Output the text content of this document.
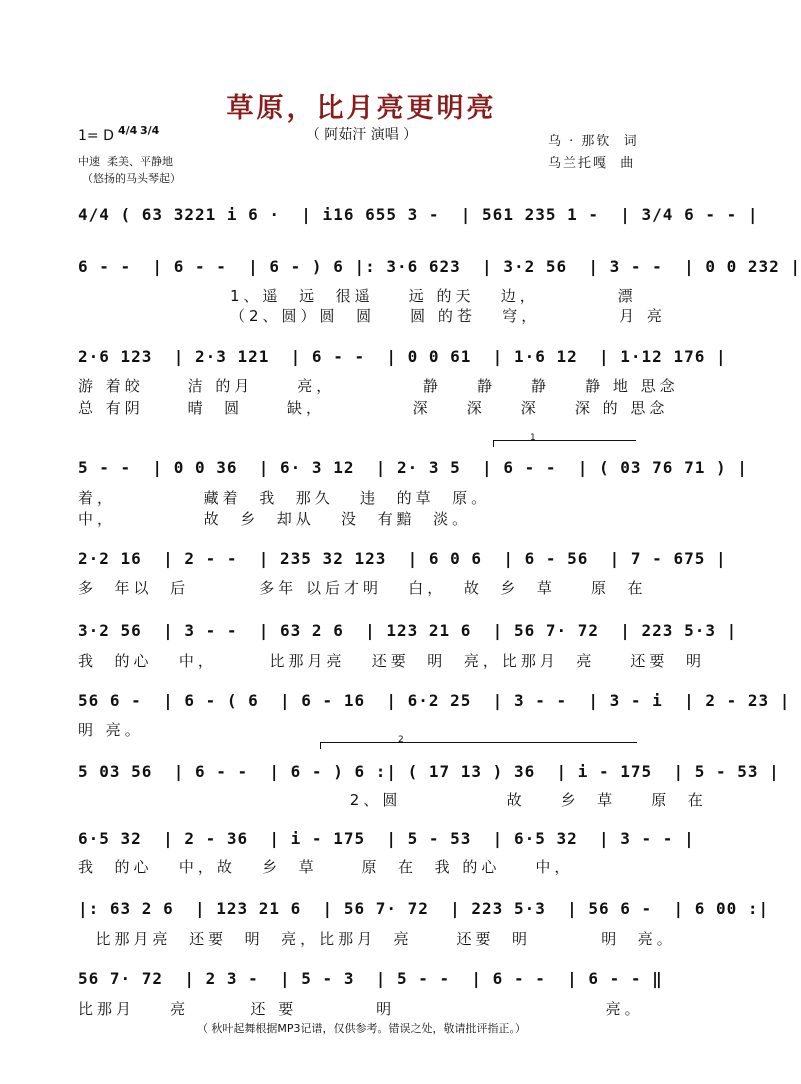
草原，比月亮更明亮
（ 阿茹汗 演唱 ）
1= D 4/4 3/4
中速  柔美、平静地
（悠扬的马头琴起）
乌 · 那钦  词
乌兰托嘎  曲
4/4 ( 63 3221 i 6 ·  | i16 655 3 -  | 561 235 1 -  | 3/4 6 - - |
6 - -  | 6 - -  | 6 - ) 6 |: 3·6 623  | 3·2 56  | 3 - -  | 0 0 232 |
1、遥  远  很遥    远 的天   边，         漂
（2、圆）圆  圆    圆 的苍   穹，         月 亮
2·6 123  | 2·3 121  | 6 - -  | 0 0 61  | 1·6 12  | 1·12 176 |
游 着皎     洁 的月     亮，          静    静    静    静 地 思念
总 有阴     晴  圆     缺，          深    深    深    深 的 思念
1
5 - -  | 0 0 36  | 6· 3 12  | 2· 3 5  | 6 - -  | ( 03 76 71 ) |
着，          藏着  我  那久   违  的草  原。
中，          故  乡  却从   没  有黯  淡。
2·2 16  | 2 - -  | 235 32 123  | 6 0 6  | 6 - 56  | 7 - 675 |
多  年以  后        多年 以后才明   白，  故  乡  草    原  在
3·2 56  | 3 - -  | 63 2 6  | 123 21 6  | 56 7· 72  | 223 5·3 |
我  的心   中，      比那月亮   还要  明  亮，比那月  亮    还要  明
56 6 -  | 6 - ( 6  | 6 - 16  | 6·2 25  | 3 - -  | 3 - i  | 2 - 23 |
明 亮。
2
5 03 56  | 6 - -  | 6 - ) 6 :| ( 17 13 ) 36  | i - 175  | 5 - 53 |
2、圆            故    乡  草    原  在
6·5 32  | 2 - 36  | i - 175  | 5 - 53  | 6·5 32  | 3 - - |
我  的心   中，故   乡  草     原  在  我 的心    中，
|: 63 2 6  | 123 21 6  | 56 7· 72  | 223 5·3  | 56 6 -  | 6 00 :|
比那月亮  还要  明  亮，比那月  亮     还要  明        明  亮。
56 7· 72  | 2 3 -  | 5 - 3  | 5 - -  | 6 - -  | 6 - - ‖
比那月    亮       还 要         明                        亮。
（ 秋叶起舞根据MP3记谱，仅供参考。错误之处，敬请批评指正。）
